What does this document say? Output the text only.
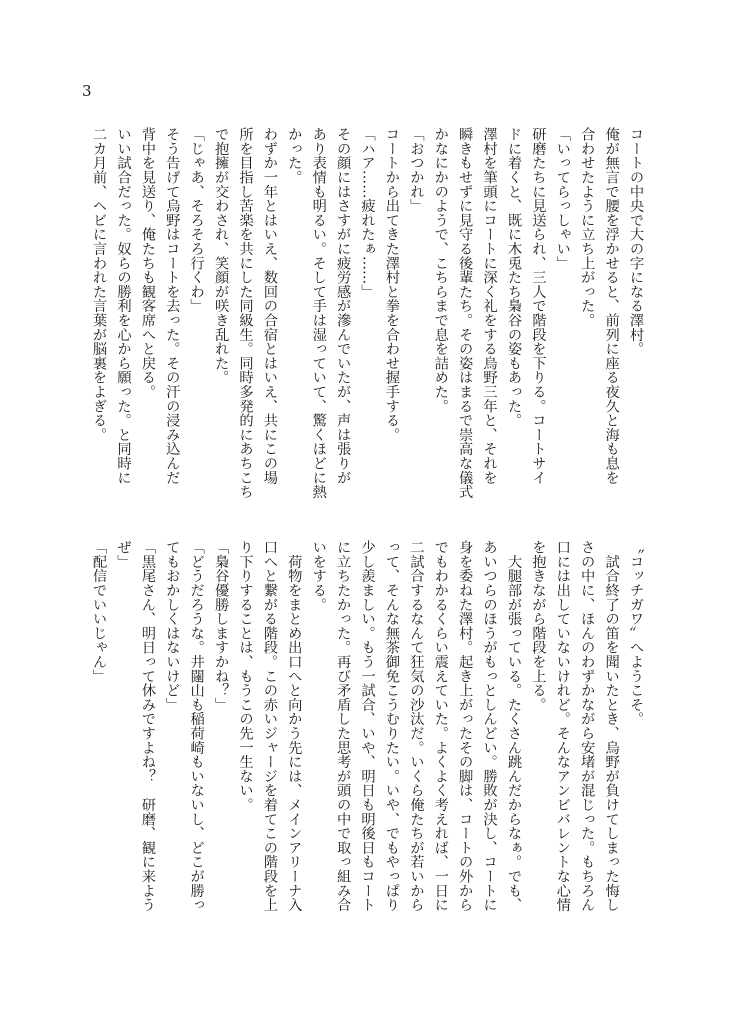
3
コートの中央で大の字になる澤村。
俺が無言で腰を浮かせると、前列に座る夜久と海も息を
合わせたように立ち上がった。
「いってらっしゃい」
研磨たちに見送られ、三人で階段を下りる。コートサイ
ドに着くと、既に木兎たち梟谷の姿もあった。
澤村を筆頭にコートに深く礼をする烏野三年と、それを
瞬きもせずに見守る後輩たち。その姿はまるで崇高な儀式
かなにかのようで、こちらまで息を詰めた。
「おつかれ」
コートから出てきた澤村と拳を合わせ握手する。
「ハア……疲れたぁ……」
その顔にはさすがに疲労感が滲んでいたが、声は張りが
あり表情も明るい。そして手は湿っていて、驚くほどに熱
かった。
わずか一年とはいえ、数回の合宿とはいえ、共にこの場
所を目指し苦楽を共にした同級生。同時多発的にあちこち
で抱擁が交わされ、笑顔が咲き乱れた。
「じゃあ、そろそろ行くわ」
そう告げて烏野はコートを去った。その汗の浸み込んだ
背中を見送り、俺たちも観客席へと戻る。
いい試合だった。奴らの勝利を心から願った。と同時に
二カ月前、ヘビに言われた言葉が脳裏をよぎる。
〝コッチガワ〟へようこそ。
　試合終了の笛を聞いたとき、烏野が負けてしまった悔し
さの中に、ほんのわずかながら安堵が混じった。もちろん
口には出していないけれど。そんなアンビバレントな心情
を抱きながら階段を上る。
　大腿部が張っている。たくさん跳んだからなぁ。でも、
あいつらのほうがもっとしんどい。勝敗が決し、コートに
身を委ねた澤村。起き上がったその脚は、コートの外から
でもわかるくらい震えていた。よくよく考えれば、一日に
二試合するなんて狂気の沙汰だ。いくら俺たちが若いから
って、そんな無茶御免こうむりたい。いや、でもやっぱり
少し羨ましい。もう一試合、いや、明日も明後日もコート
に立ちたかった。再び矛盾した思考が頭の中で取っ組み合
いをする。
　荷物をまとめ出口へと向かう先には、メインアリーナ入
口へと繋がる階段。この赤いジャージを着てこの階段を上
り下りすることは、もうこの先一生ない。
「梟谷優勝しますかね？」
「どうだろうな。井闥山も稲荷崎もいないし、どこが勝っ
てもおかしくはないけど」
「黒尾さん、明日って休みですよね？　研磨、観に来よう
ぜ」
「配信でいいじゃん」
